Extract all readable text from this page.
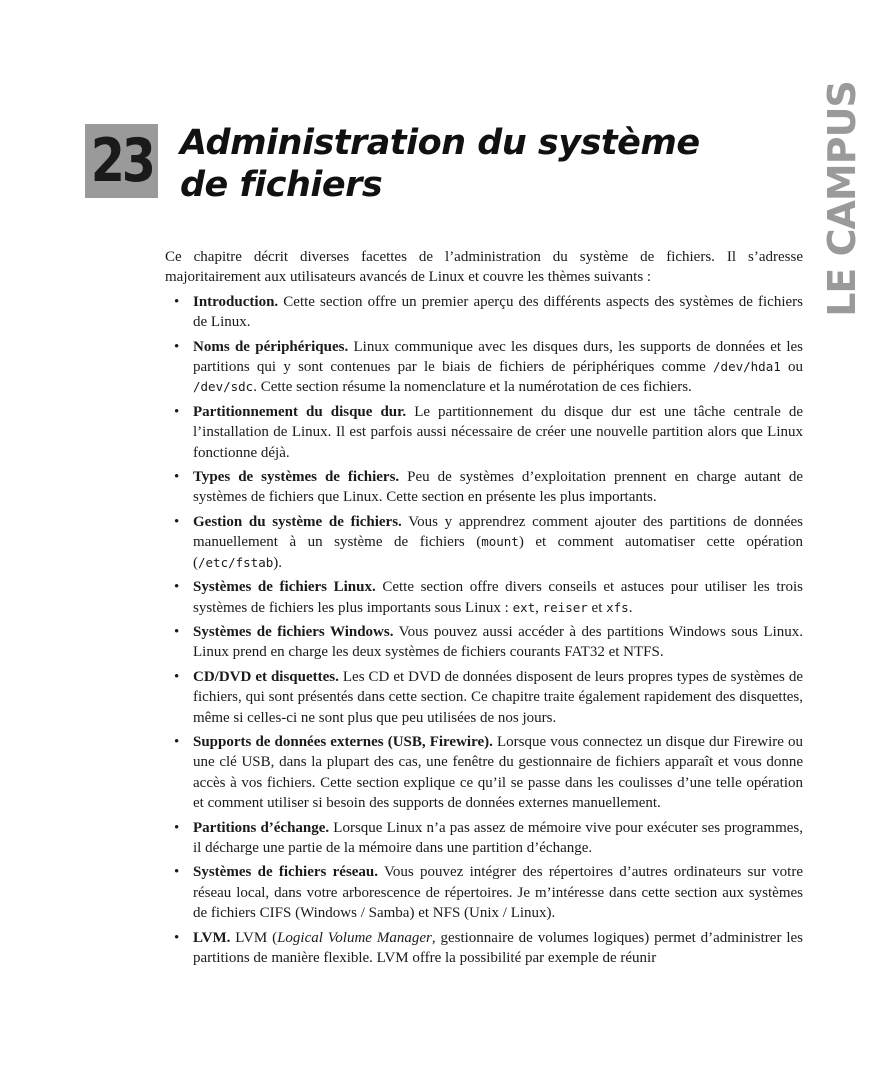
23 Administration du système
de fichiers	LE CAMPUS

Ce chapitre décrit diverses facettes de l’administration du système de fichiers. Il s’adresse majoritairement aux utilisateurs avancés de Linux et couvre les thèmes suivants :

• Introduction. Cette section offre un premier aperçu des différents aspects des systèmes de fichiers de Linux.
• Noms de périphériques. Linux communique avec les disques durs, les supports de données et les partitions qui y sont contenues par le biais de fichiers de périphériques comme /dev/hda1 ou /dev/sdc. Cette section résume la nomenclature et la numérotation de ces fichiers.
• Partitionnement du disque dur. Le partitionnement du disque dur est une tâche centrale de l’installation de Linux. Il est parfois aussi nécessaire de créer une nouvelle partition alors que Linux fonctionne déjà.
• Types de systèmes de fichiers. Peu de systèmes d’exploitation prennent en charge autant de systèmes de fichiers que Linux. Cette section en présente les plus importants.
• Gestion du système de fichiers. Vous y apprendrez comment ajouter des partitions de données manuellement à un système de fichiers (mount) et comment automatiser cette opération (/etc/fstab).
• Systèmes de fichiers Linux. Cette section offre divers conseils et astuces pour utiliser les trois systèmes de fichiers les plus importants sous Linux : ext, reiser et xfs.
• Systèmes de fichiers Windows. Vous pouvez aussi accéder à des partitions Windows sous Linux. Linux prend en charge les deux systèmes de fichiers courants FAT32 et NTFS.
• CD/DVD et disquettes. Les CD et DVD de données disposent de leurs propres types de systèmes de fichiers, qui sont présentés dans cette section. Ce chapitre traite également rapidement des disquettes, même si celles-ci ne sont plus que peu utilisées de nos jours.
• Supports de données externes (USB, Firewire). Lorsque vous connectez un disque dur Firewire ou une clé USB, dans la plupart des cas, une fenêtre du gestionnaire de fichiers apparaît et vous donne accès à vos fichiers. Cette section explique ce qu’il se passe dans les coulisses d’une telle opération et comment utiliser si besoin des supports de données externes manuellement.
• Partitions d’échange. Lorsque Linux n’a pas assez de mémoire vive pour exécuter ses programmes, il décharge une partie de la mémoire dans une partition d’échange.
• Systèmes de fichiers réseau. Vous pouvez intégrer des répertoires d’autres ordinateurs sur votre réseau local, dans votre arborescence de répertoires. Je m’intéresse dans cette section aux systèmes de fichiers CIFS (Windows / Samba) et NFS (Unix / Linux).
• LVM. LVM (Logical Volume Manager, gestionnaire de volumes logiques) permet d’administrer les partitions de manière flexible. LVM offre la possibilité par exemple de réunir
